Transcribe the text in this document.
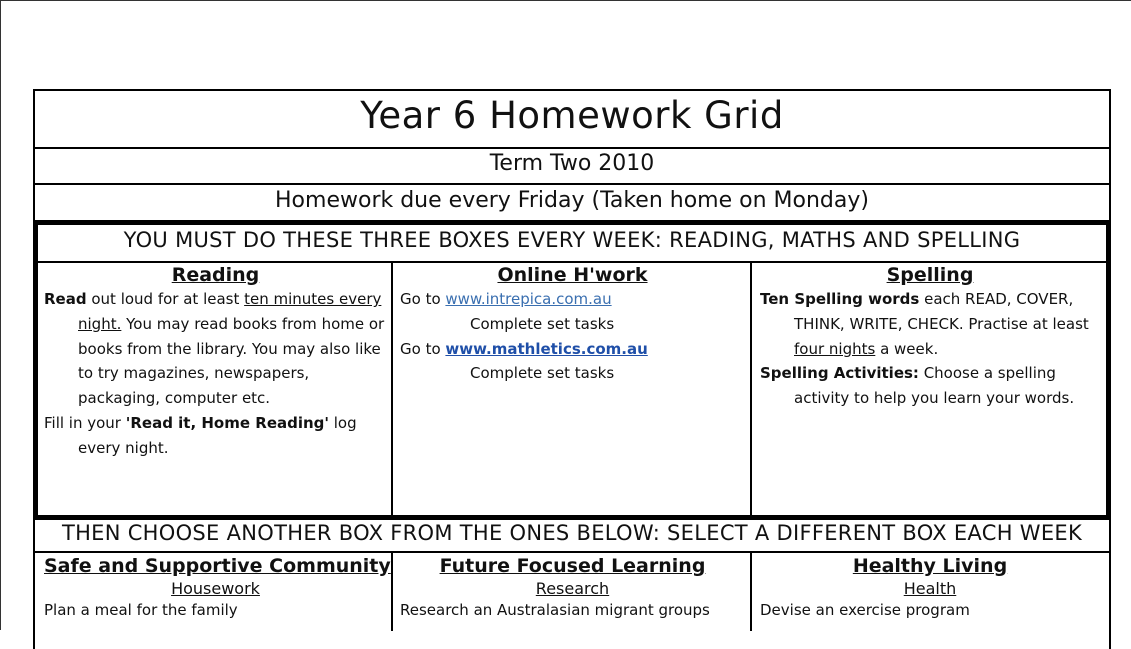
Year 6 Homework Grid
Term Two 2010
Homework due every Friday (Taken home on Monday)
YOU MUST DO THESE THREE BOXES EVERY WEEK: READING, MATHS AND SPELLING
Reading

Read out loud for at least ten minutes every night. You may read books from home or books from the library. You may also like to try magazines, newspapers, packaging, computer etc.

Fill in your 'Read it, Home Reading' log every night.

Online H'work
Go to www.intrepica.com.au
Complete set tasks
Go to www.mathletics.com.au
Complete set tasks
Spelling

Ten Spelling words each READ, COVER, THINK, WRITE, CHECK. Practise at least four nights a week.

Spelling Activities: Choose a spelling activity to help you learn your words.

THEN CHOOSE ANOTHER BOX FROM THE ONES BELOW: SELECT A DIFFERENT BOX EACH WEEK
Safe and Supportive Community
Housework
Plan a meal for the family
Future Focused Learning
Research
Research an Australasian migrant groups
Healthy Living
Health
Devise an exercise program
